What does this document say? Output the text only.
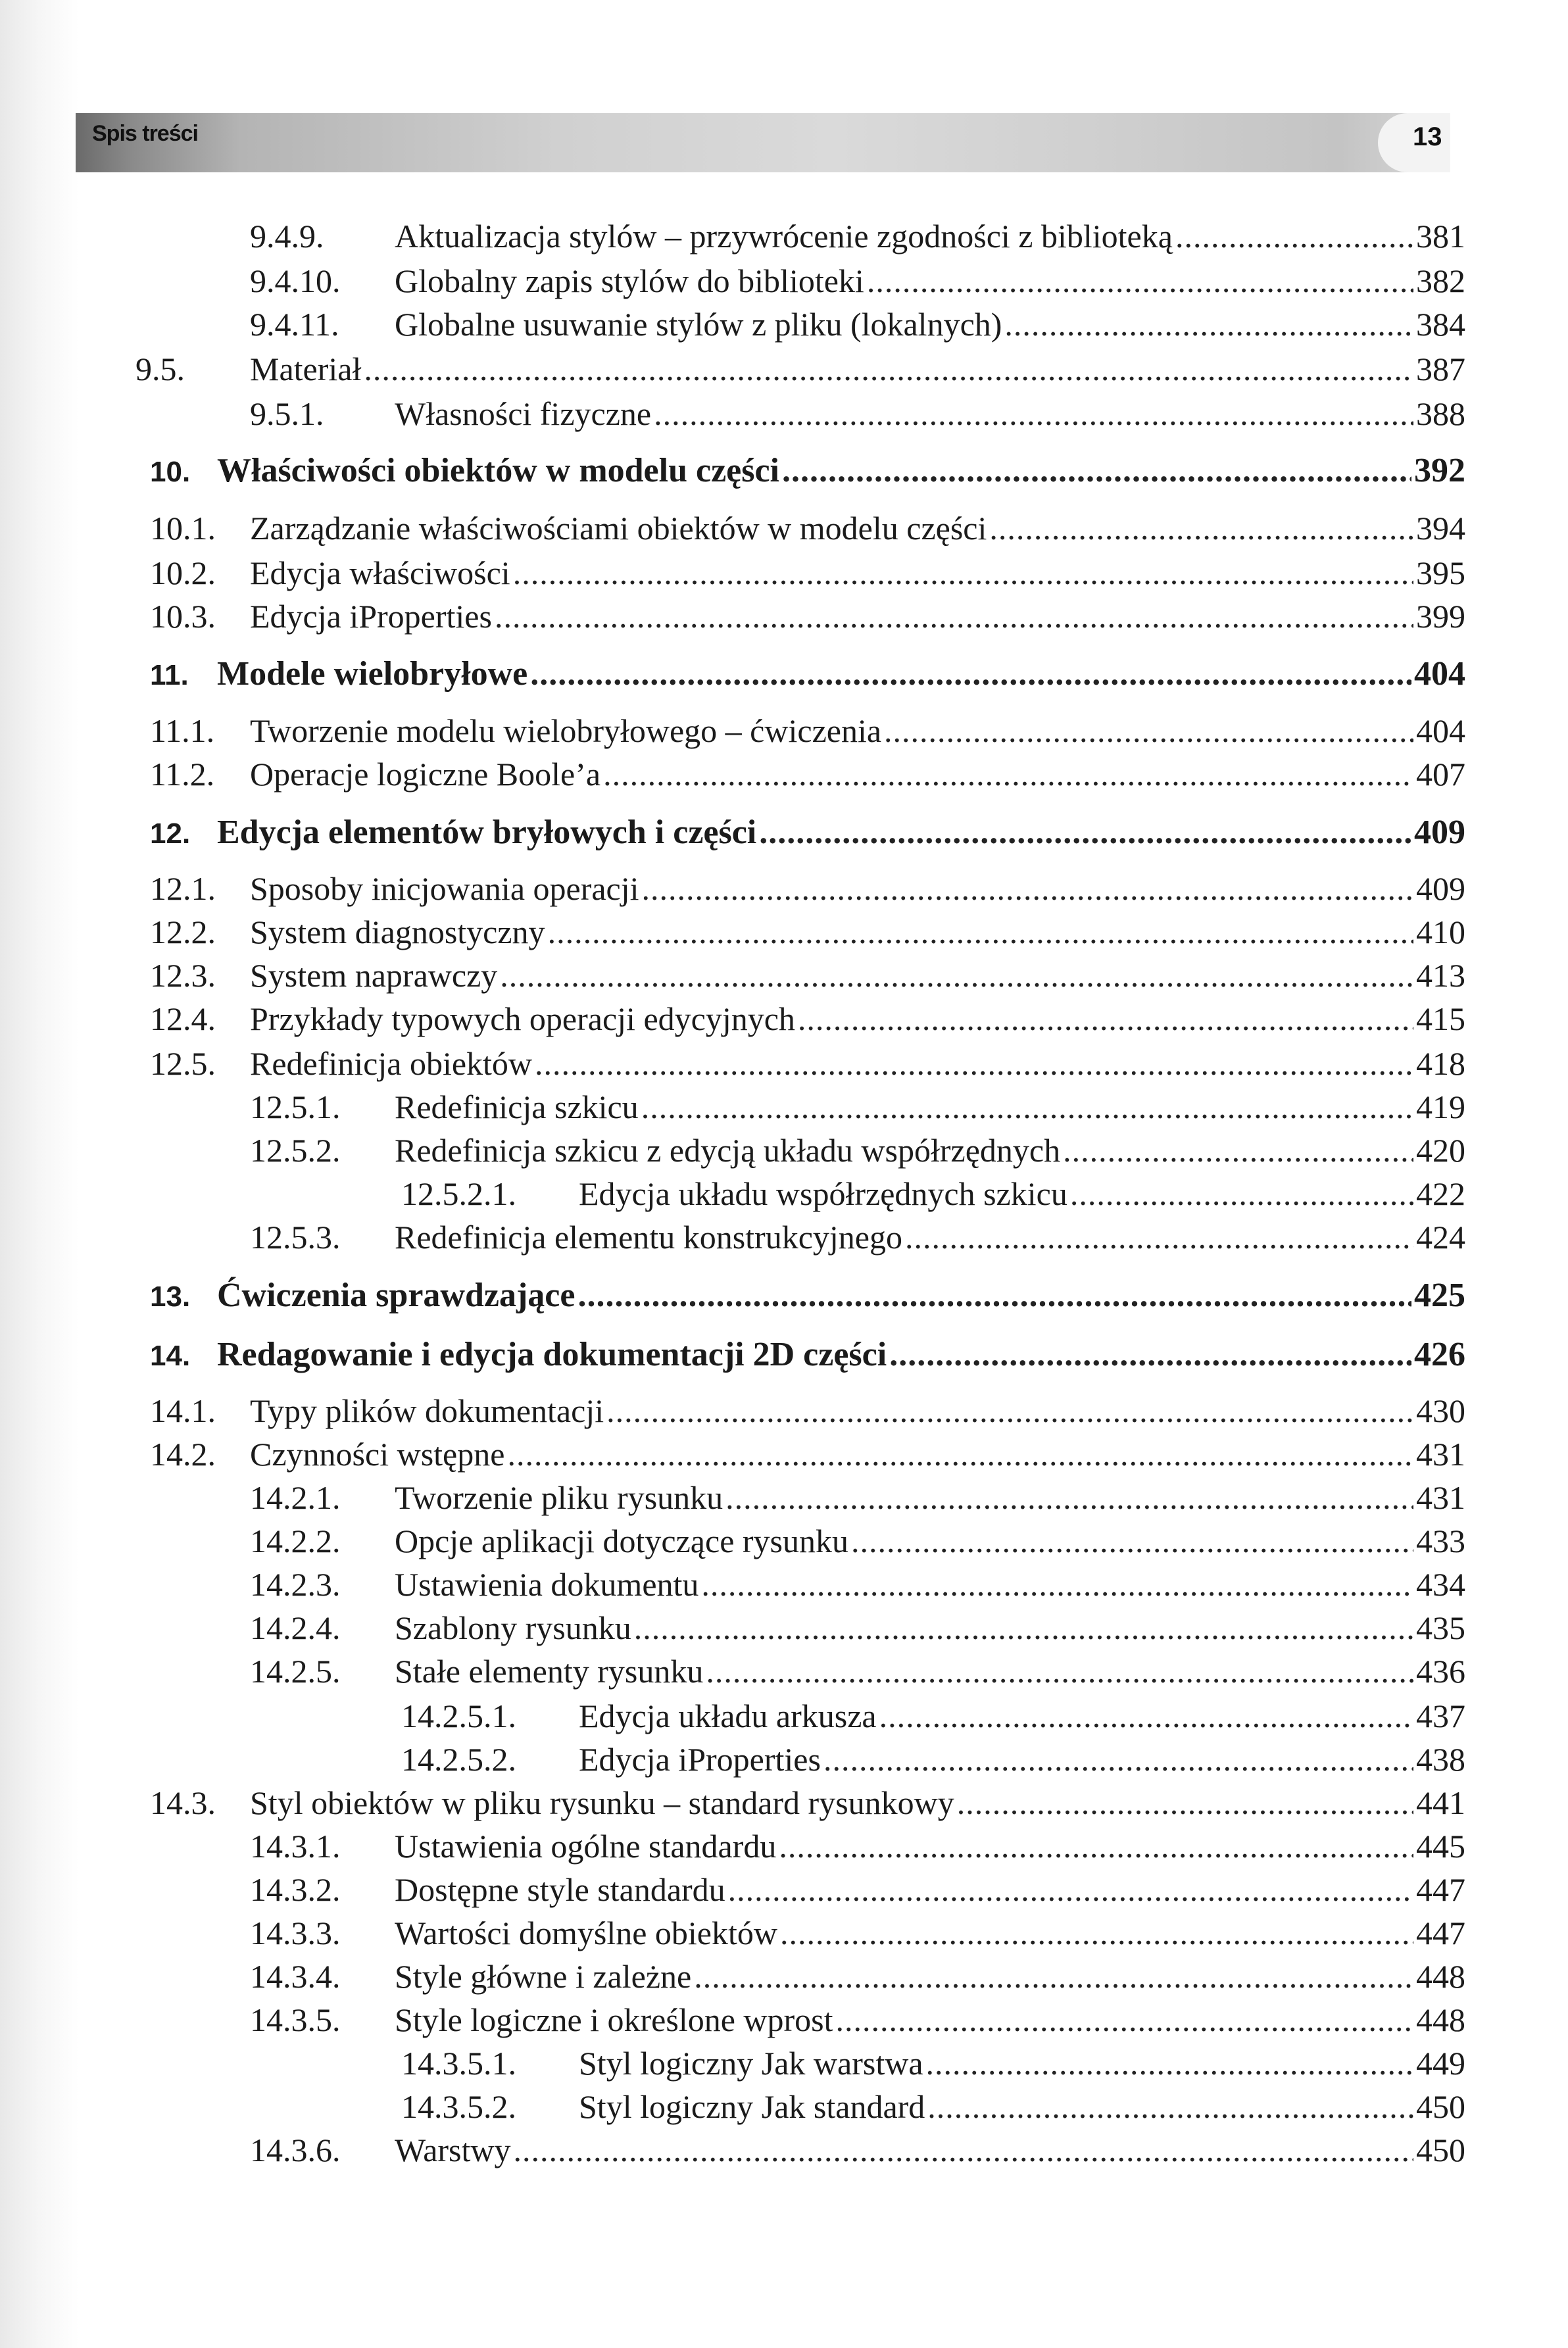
Spis treści	13
9.4.9.	Aktualizacja stylów – przywrócenie zgodności z biblioteką .....	381
9.4.10.	Globalny zapis stylów do biblioteki .....	382
9.4.11.	Globalne usuwanie stylów z pliku (lokalnych) .....	384
9.5.	Materiał .....	387
9.5.1.	Własności fizyczne .....	388
10. Właściwości obiektów w modelu części .....	392
10.1.	Zarządzanie właściwościami obiektów w modelu części .....	394
10.2.	Edycja właściwości .....	395
10.3.	Edycja iProperties .....	399
11. Modele wielobryłowe .....	404
11.1.	Tworzenie modelu wielobryłowego – ćwiczenia .....	404
11.2.	Operacje logiczne Boole’a .....	407
12. Edycja elementów bryłowych i części .....	409
12.1.	Sposoby inicjowania operacji .....	409
12.2.	System diagnostyczny .....	410
12.3.	System naprawczy .....	413
12.4.	Przykłady typowych operacji edycyjnych .....	415
12.5.	Redefinicja obiektów .....	418
12.5.1.	Redefinicja szkicu .....	419
12.5.2.	Redefinicja szkicu z edycją układu współrzędnych .....	420
12.5.2.1.	Edycja układu współrzędnych szkicu .....	422
12.5.3.	Redefinicja elementu konstrukcyjnego .....	424
13. Ćwiczenia sprawdzające .....	425
14. Redagowanie i edycja dokumentacji 2D części .....	426
14.1.	Typy plików dokumentacji .....	430
14.2.	Czynności wstępne .....	431
14.2.1.	Tworzenie pliku rysunku .....	431
14.2.2.	Opcje aplikacji dotyczące rysunku .....	433
14.2.3.	Ustawienia dokumentu .....	434
14.2.4.	Szablony rysunku .....	435
14.2.5.	Stałe elementy rysunku .....	436
14.2.5.1.	Edycja układu arkusza .....	437
14.2.5.2.	Edycja iProperties .....	438
14.3.	Styl obiektów w pliku rysunku – standard rysunkowy .....	441
14.3.1.	Ustawienia ogólne standardu .....	445
14.3.2.	Dostępne style standardu .....	447
14.3.3.	Wartości domyślne obiektów .....	447
14.3.4.	Style główne i zależne .....	448
14.3.5.	Style logiczne i określone wprost .....	448
14.3.5.1.	Styl logiczny Jak warstwa .....	449
14.3.5.2.	Styl logiczny Jak standard .....	450
14.3.6.	Warstwy .....	450
